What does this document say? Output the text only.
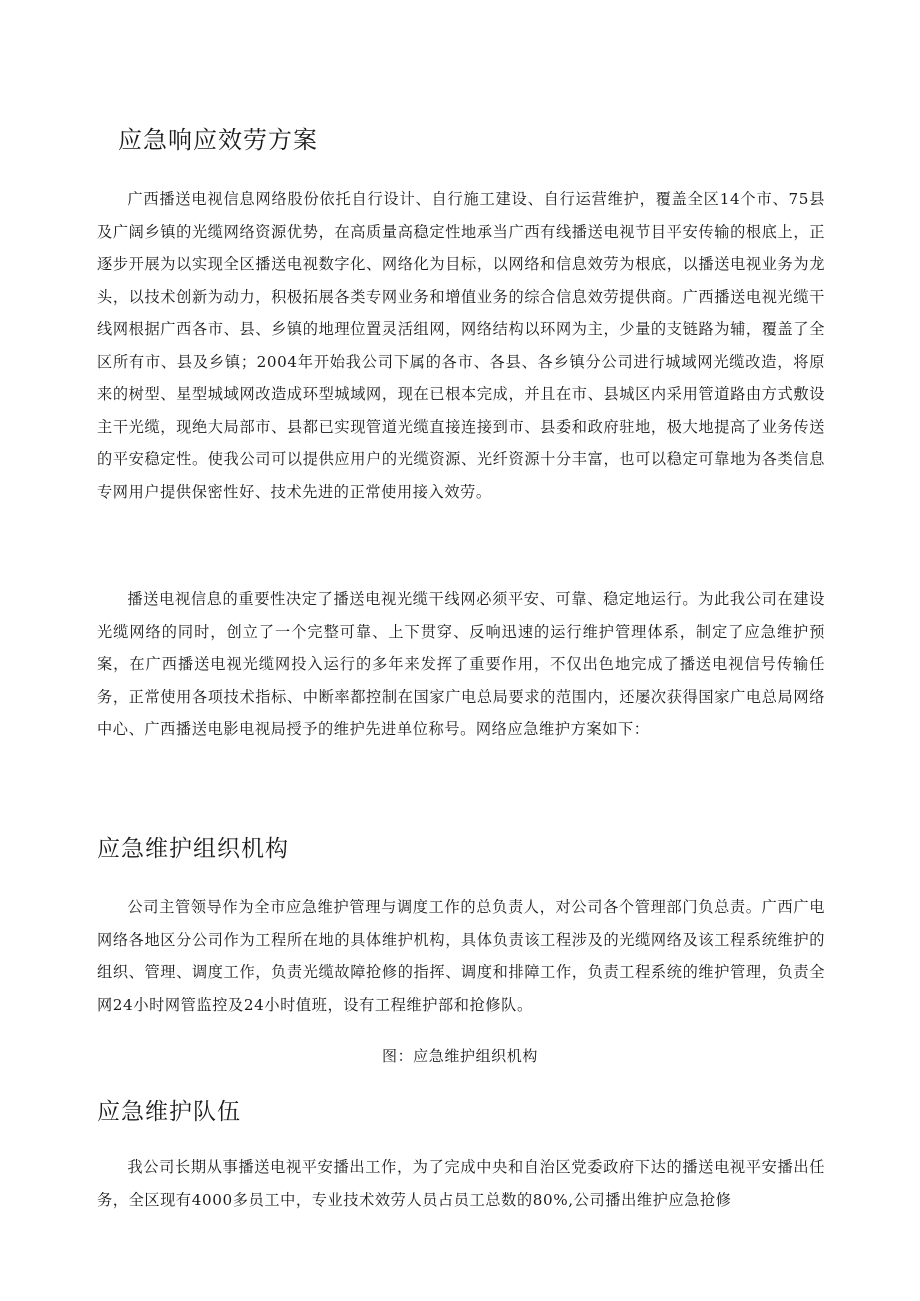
应急响应效劳方案

广西播送电视信息网络股份依托自行设计、自行施工建设、自行运营维护，覆盖全区14个市、75县及广阔乡镇的光缆网络资源优势，在高质量高稳定性地承当广西有线播送电视节目平安传输的根底上，正逐步开展为以实现全区播送电视数字化、网络化为目标，以网络和信息效劳为根底，以播送电视业务为龙头，以技术创新为动力，积极拓展各类专网业务和增值业务的综合信息效劳提供商。广西播送电视光缆干线网根据广西各市、县、乡镇的地理位置灵活组网，网络结构以环网为主，少量的支链路为辅，覆盖了全区所有市、县及乡镇；2004年开始我公司下属的各市、各县、各乡镇分公司进行城域网光缆改造，将原来的树型、星型城域网改造成环型城域网，现在已根本完成，并且在市、县城区内采用管道路由方式敷设主干光缆，现绝大局部市、县都已实现管道光缆直接连接到市、县委和政府驻地，极大地提高了业务传送的平安稳定性。使我公司可以提供应用户的光缆资源、光纤资源十分丰富，也可以稳定可靠地为各类信息专网用户提供保密性好、技术先进的正常使用接入效劳。

播送电视信息的重要性决定了播送电视光缆干线网必须平安、可靠、稳定地运行。为此我公司在建设光缆网络的同时，创立了一个完整可靠、上下贯穿、反响迅速的运行维护管理体系，制定了应急维护预案，在广西播送电视光缆网投入运行的多年来发挥了重要作用，不仅出色地完成了播送电视信号传输任务，正常使用各项技术指标、中断率都控制在国家广电总局要求的范围内，还屡次获得国家广电总局网络中心、广西播送电影电视局授予的维护先进单位称号。网络应急维护方案如下：

应急维护组织机构

公司主管领导作为全市应急维护管理与调度工作的总负责人，对公司各个管理部门负总责。广西广电网络各地区分公司作为工程所在地的具体维护机构，具体负责该工程涉及的光缆网络及该工程系统维护的组织、管理、调度工作，负责光缆故障抢修的指挥、调度和排障工作，负责工程系统的维护管理，负责全网24小时网管监控及24小时值班，设有工程维护部和抢修队。

图：应急维护组织机构

应急维护队伍

我公司长期从事播送电视平安播出工作，为了完成中央和自治区党委政府下达的播送电视平安播出任务，全区现有4000多员工中，专业技术效劳人员占员工总数的80%,公司播出维护应急抢修
